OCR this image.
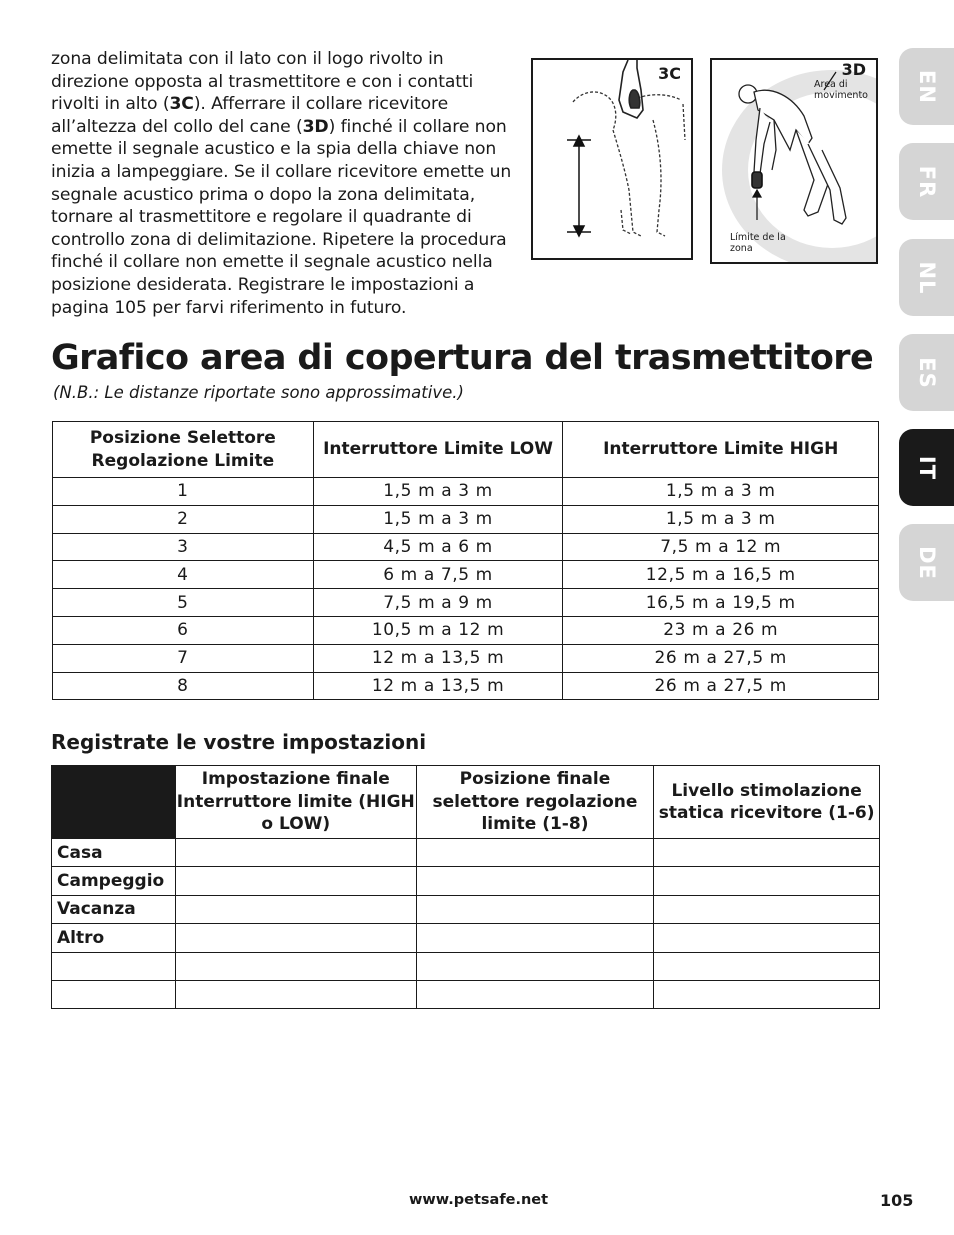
zona delimitata con il lato con il logo rivolto in direzione opposta al trasmettitore e con i contatti rivolti in alto (3C). Afferrare il collare ricevitore all’altezza del collo del cane (3D) finché il collare non emette il segnale acustico e la spia della chiave non inizia a lampeggiare. Se il collare ricevitore emette un segnale acustico prima o dopo la zona delimitata, tornare al trasmettitore e regolare il quadrante di controllo zona di delimitazione. Ripetere la procedura finché il collare non emette il segnale acustico nella posizione desiderata. Registrare le impostazioni a pagina 105 per farvi riferimento in futuro.
3C	3D
Area di movimento
Límite de la zona
Grafico area di copertura del trasmettitore
(N.B.: Le distanze riportate sono approssimative.)
Posizione Selettore Regolazione Limite	Interruttore Limite LOW	Interruttore Limite HIGH
1	1,5 m a 3 m	1,5 m a 3 m
2	1,5 m a 3 m	1,5 m a 3 m
3	4,5 m a 6 m	7,5 m a 12 m
4	6 m a 7,5 m	12,5 m a 16,5 m
5	7,5 m a 9 m	16,5 m a 19,5 m
6	10,5 m a 12 m	23 m a 26 m
7	12 m a 13,5 m	26 m a 27,5 m
8	12 m a 13,5 m	26 m a 27,5 m
Registrate le vostre impostazioni
	Impostazione finale Interruttore limite (HIGH o LOW)	Posizione finale selettore regolazione limite (1-8)	Livello stimolazione statica ricevitore (1-6)
Casa			
Campeggio			
Vacanza			
Altro			

EN
FR
NL
ES
IT
DE
www.petsafe.net	105
